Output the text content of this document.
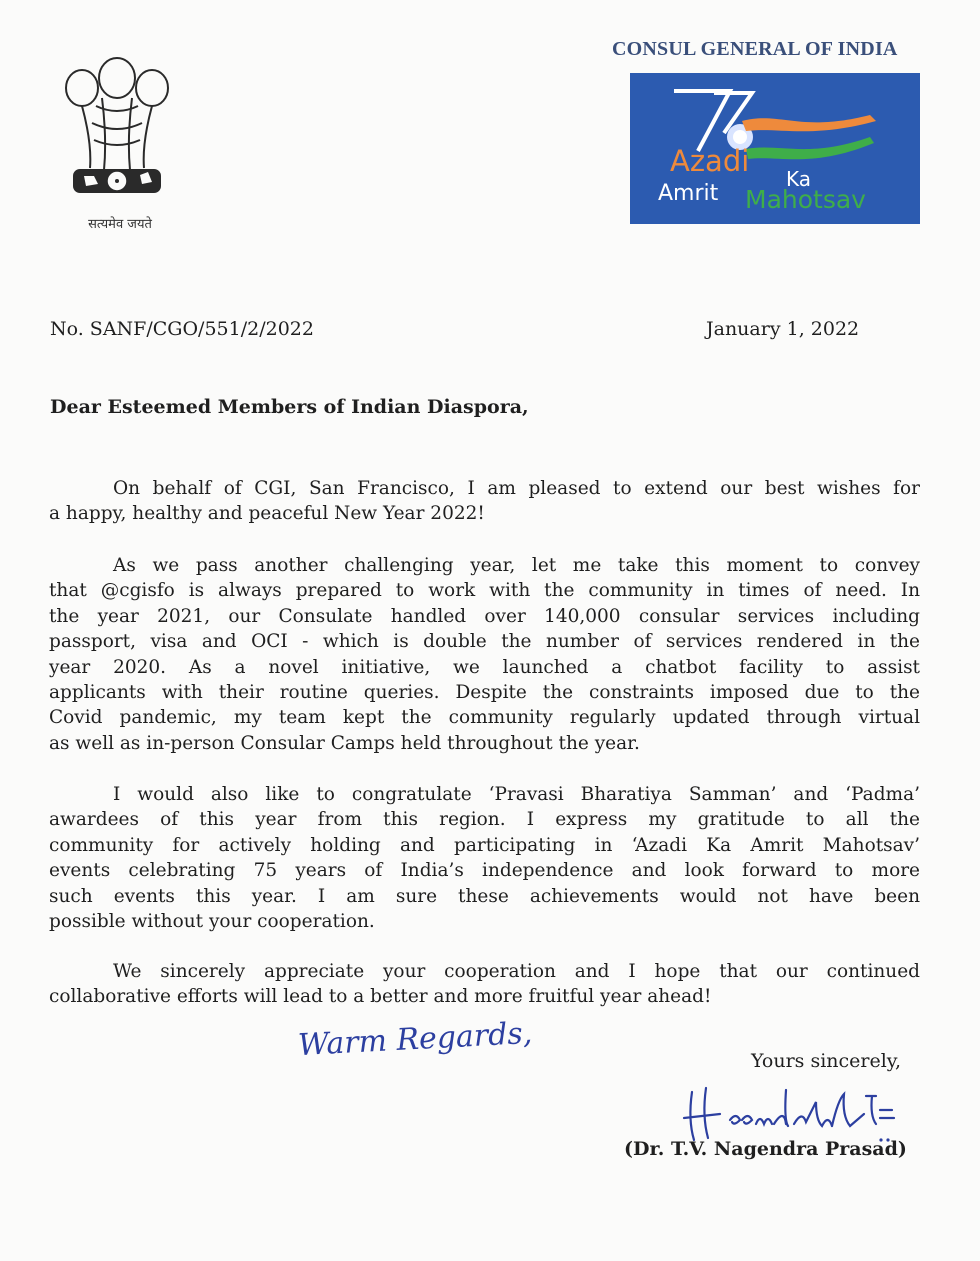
सत्यमेव जयते
CONSUL GENERAL OF INDIA
Azadi
Ka
Amrit Mahotsav
No. SANF/CGO/551/2/2022	January 1, 2022
Dear Esteemed Members of Indian Diaspora,
On behalf of CGI, San Francisco, I am pleased to extend our best wishes for
a happy, healthy and peaceful New Year 2022!
As we pass another challenging year, let me take this moment to convey
that @cgisfo is always prepared to work with the community in times of need. In
the year 2021, our Consulate handled over 140,000 consular services including
passport, visa and OCI - which is double the number of services rendered in the
year 2020. As a novel initiative, we launched a chatbot facility to assist
applicants with their routine queries. Despite the constraints imposed due to the
Covid pandemic, my team kept the community regularly updated through virtual
as well as in-person Consular Camps held throughout the year.
I would also like to congratulate ‘Pravasi Bharatiya Samman’ and ‘Padma’
awardees of this year from this region. I express my gratitude to all the
community for actively holding and participating in ‘Azadi Ka Amrit Mahotsav’
events celebrating 75 years of India’s independence and look forward to more
such events this year. I am sure these achievements would not have been
possible without your cooperation.
We sincerely appreciate your cooperation and I hope that our continued
collaborative efforts will lead to a better and more fruitful year ahead!
Warm Regards,	Yours sincerely,
(Dr. T.V. Nagendra Prasad)
